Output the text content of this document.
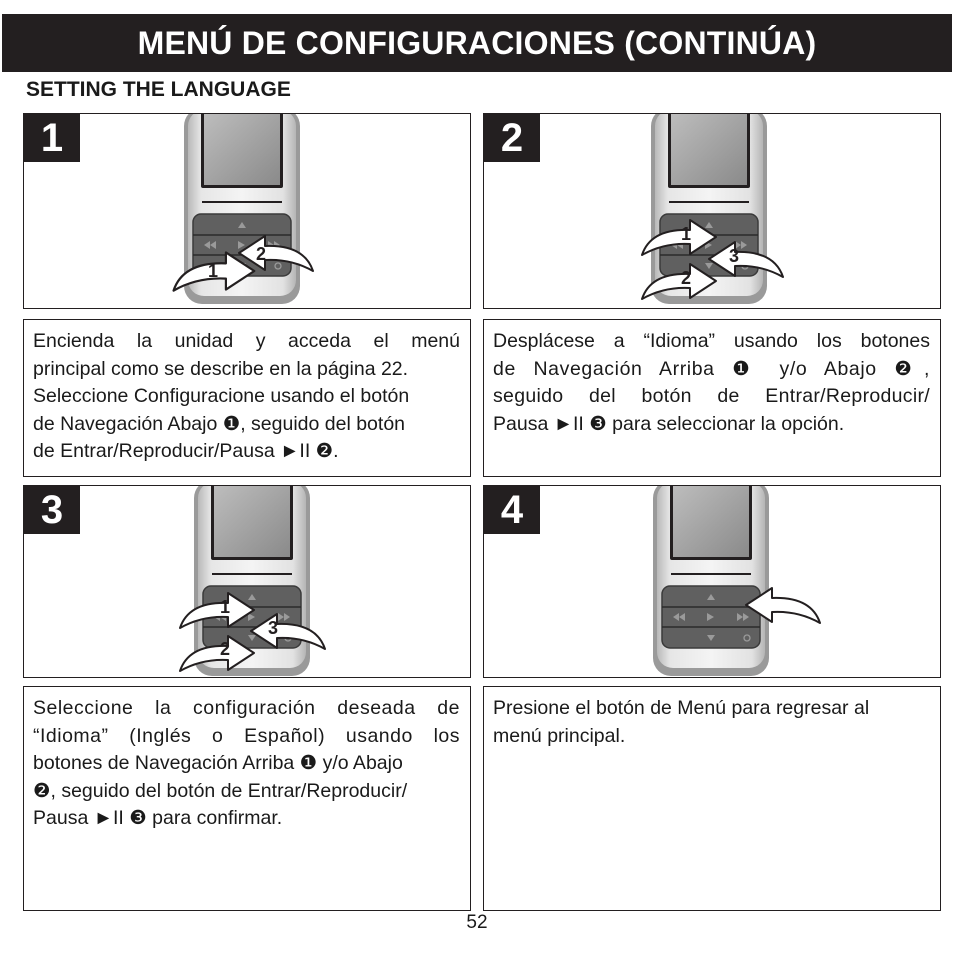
MENÚ DE CONFIGURACIONES (CONTINÚA)
SETTING THE LANGUAGE
1
1
2
2
1
3
2
Encienda la unidad y acceda el menú
principal como se describe en la página 22.
Seleccione Configuracione usando el botón
de Navegación Abajo ❶, seguido del botón
de Entrar/Reproducir/Pausa ►II ❷.
Desplácese a “Idioma” usando los botones
de Navegación Arriba ❶ y/o Abajo ❷,
seguido del botón de Entrar/Reproducir/
Pausa ►II ❸ para seleccionar la opción.
3
1
3
2
4
Seleccione la configuración deseada de
“Idioma” (Inglés o Español) usando los
botones de Navegación Arriba ❶ y/o Abajo
❷, seguido del botón de Entrar/Reproducir/
Pausa ►II ❸ para confirmar.
Presione el botón de Menú para regresar al
menú principal.
52
